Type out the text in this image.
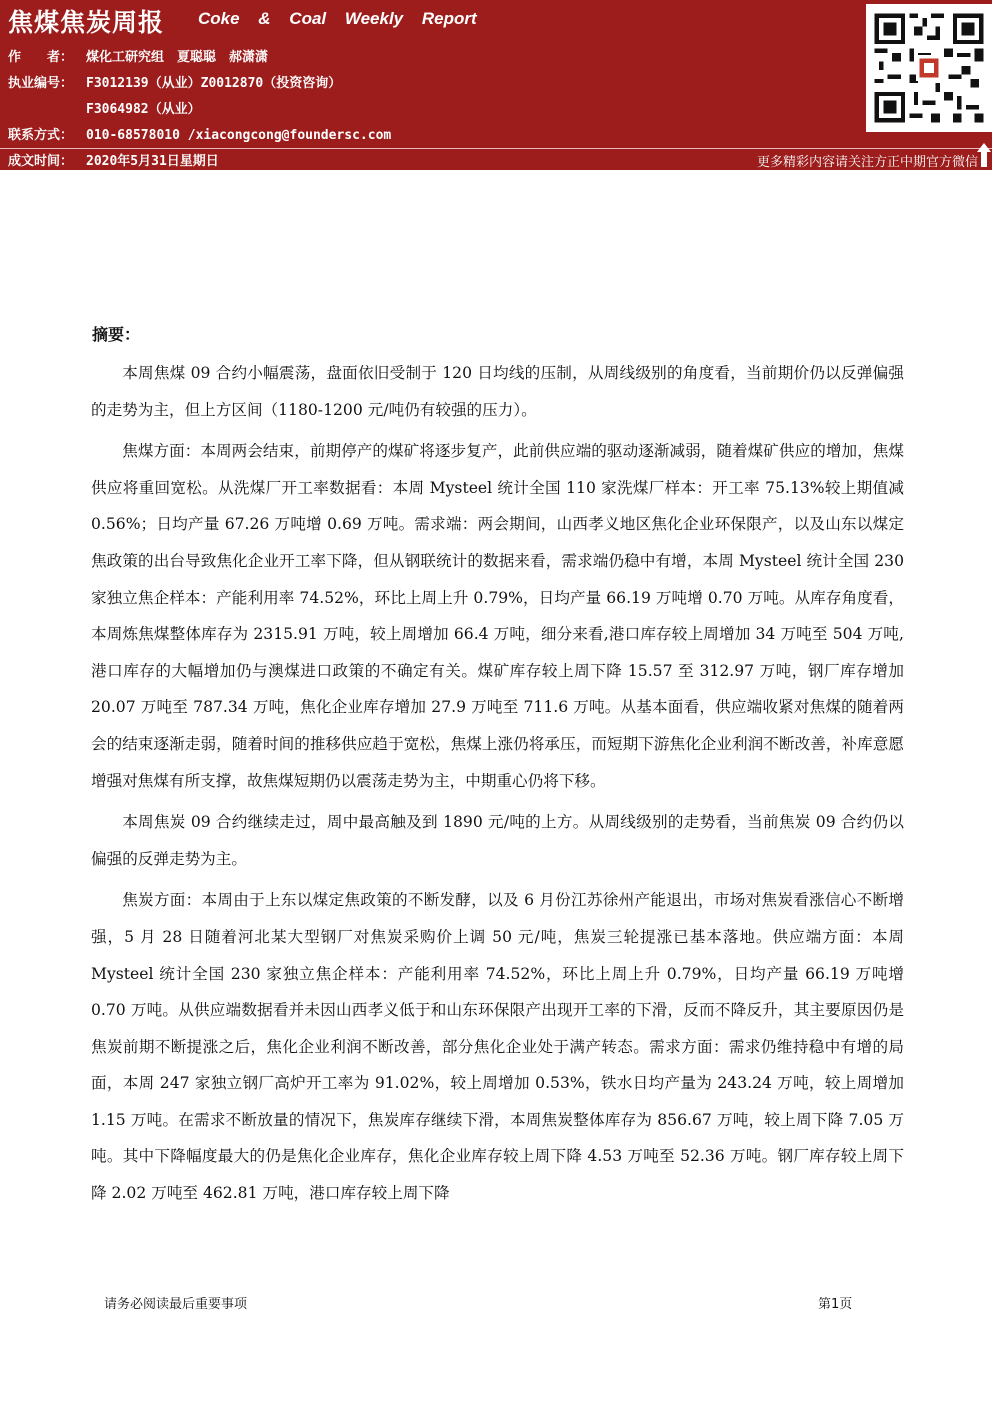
焦煤焦炭周报 Coke & Coal Weekly Report
作　　者： 煤化工研究组　夏聪聪　郝潇潇
执业编号： F3012139（从业）Z0012870（投资咨询）
F3064982（从业）
联系方式： 010-68578010 /xiacongcong@foundersc.com
成文时间： 2020年5月31日星期日	更多精彩内容请关注方正中期官方微信
摘要：

本周焦煤 09 合约小幅震荡，盘面依旧受制于 120 日均线的压制，从周线级别的角度看，当前期价仍以反弹偏强的走势为主，但上方区间（1180-1200 元/吨仍有较强的压力）。

焦煤方面：本周两会结束，前期停产的煤矿将逐步复产，此前供应端的驱动逐渐减弱，随着煤矿供应的增加，焦煤供应将重回宽松。从洗煤厂开工率数据看：本周 Mysteel 统计全国 110 家洗煤厂样本：开工率 75.13%较上期值减 0.56%；日均产量 67.26 万吨增 0.69 万吨。需求端：两会期间，山西孝义地区焦化企业环保限产，以及山东以煤定焦政策的出台导致焦化企业开工率下降，但从钢联统计的数据来看，需求端仍稳中有增，本周 Mysteel 统计全国 230 家独立焦企样本：产能利用率 74.52%，环比上周上升 0.79%，日均产量 66.19 万吨增 0.70 万吨。从库存角度看，本周炼焦煤整体库存为 2315.91 万吨，较上周增加 66.4 万吨，细分来看,港口库存较上周增加 34 万吨至 504 万吨,港口库存的大幅增加仍与澳煤进口政策的不确定有关。煤矿库存较上周下降 15.57 至 312.97 万吨，钢厂库存增加 20.07 万吨至 787.34 万吨，焦化企业库存增加 27.9 万吨至 711.6 万吨。从基本面看，供应端收紧对焦煤的随着两会的结束逐渐走弱，随着时间的推移供应趋于宽松，焦煤上涨仍将承压，而短期下游焦化企业利润不断改善，补库意愿增强对焦煤有所支撑，故焦煤短期仍以震荡走势为主，中期重心仍将下移。

本周焦炭 09 合约继续走过，周中最高触及到 1890 元/吨的上方。从周线级别的走势看，当前焦炭 09 合约仍以偏强的反弹走势为主。

焦炭方面：本周由于上东以煤定焦政策的不断发酵，以及 6 月份江苏徐州产能退出，市场对焦炭看涨信心不断增强，5 月 28 日随着河北某大型钢厂对焦炭采购价上调 50 元/吨，焦炭三轮提涨已基本落地。供应端方面：本周 Mysteel 统计全国 230 家独立焦企样本：产能利用率 74.52%，环比上周上升 0.79%，日均产量 66.19 万吨增 0.70 万吨。从供应端数据看并未因山西孝义低于和山东环保限产出现开工率的下滑，反而不降反升，其主要原因仍是焦炭前期不断提涨之后，焦化企业利润不断改善，部分焦化企业处于满产转态。需求方面：需求仍维持稳中有增的局面，本周 247 家独立钢厂高炉开工率为 91.02%，较上周增加 0.53%，铁水日均产量为 243.24 万吨，较上周增加 1.15 万吨。在需求不断放量的情况下，焦炭库存继续下滑，本周焦炭整体库存为 856.67 万吨，较上周下降 7.05 万吨。其中下降幅度最大的仍是焦化企业库存，焦化企业库存较上周下降 4.53 万吨至 52.36 万吨。钢厂库存较上周下降 2.02 万吨至 462.81 万吨，港口库存较上周下降

请务必阅读最后重要事项	第1页
